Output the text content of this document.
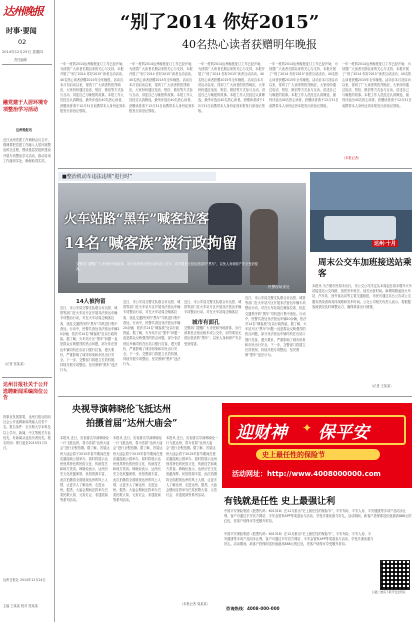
达州晚报
时事·要闻
02
2014年12月25日 星期四
责任编辑
融党建于人居环境专项整治学习活动
达州晚报讯
近日达州党建工作调研会议召开，强调要把党建工作融入人居环境整治的全过程，围绕基层党组织建设开展专项整治学习活动，推动各项工作落到实处，确保取得实效。
（记者 张某某）
达州日报社关于公开选聘新闻采编岗位公告
因事业发展需要，达州日报社面向社会公开选聘新闻采编人员若干名。报名条件：全日制大学本科及以上学历，新闻、中文等相关专业优先，有新闻从业经历者优先。报名时间：即日起至2015年1月5日。
达州日报社 2014年12月24日
主编 王某某 校对 张某某
“别了2014 你好2015”
40名热心读者获赠明年晚报
一年一度的2014达州晚报征订工作已经开始，为回馈广大读者长期以来的关心与支持，本报开展了“别了2014 你好2015”读者互动活动，40名热心读者获赠2015年全年晚报。活动自本月初启动以来，得到了广大读者的热烈响应，大家纷纷通过电话、短信、微信等方式参与互动，讲述自己与晚报的故事。本报工作人员经过认真筛选，最终评选出40名热心读者。获赠读者请于12月31日前携带本人身份证到本报发行部登记领取。
一年一度的2014达州晚报征订工作已经开始，为回馈广大读者长期以来的关心与支持，本报开展了“别了2014 你好2015”读者互动活动，40名热心读者获赠2015年全年晚报。活动自本月初启动以来，得到了广大读者的热烈响应，大家纷纷通过电话、短信、微信等方式参与互动，讲述自己与晚报的故事。本报工作人员经过认真筛选，最终评选出40名热心读者。获赠读者请于12月31日前携带本人身份证到本报发行部登记领取。
一年一度的2014达州晚报征订工作已经开始，为回馈广大读者长期以来的关心与支持，本报开展了“别了2014 你好2015”读者互动活动，40名热心读者获赠2015年全年晚报。活动自本月初启动以来，得到了广大读者的热烈响应，大家纷纷通过电话、短信、微信等方式参与互动，讲述自己与晚报的故事。本报工作人员经过认真筛选，最终评选出40名热心读者。获赠读者请于12月31日前携带本人身份证到本报发行部登记领取。
一年一度的2014达州晚报征订工作已经开始，为回馈广大读者长期以来的关心与支持，本报开展了“别了2014 你好2015”读者互动活动，40名热心读者获赠2015年全年晚报。活动自本月初启动以来，得到了广大读者的热烈响应，大家纷纷通过电话、短信、微信等方式参与互动，讲述自己与晚报的故事。本报工作人员经过认真筛选，最终评选出40名热心读者。获赠读者请于12月31日前携带本人身份证到本报发行部登记领取。
一年一度的2014达州晚报征订工作已经开始，为回馈广大读者长期以来的关心与支持，本报开展了“别了2014 你好2015”读者互动活动，40名热心读者获赠2015年全年晚报。活动自本月初启动以来，得到了广大读者的热烈响应，大家纷纷通过电话、短信、微信等方式参与互动，讲述自己与晚报的故事。本报工作人员经过认真筛选，最终评选出40名热心读者。获赠读者请于12月31日前携带本人身份证到本报发行部登记领取。
（本报记者）
■整治机动车违法违规“进行时”
火车站路“黑车”喊客拉客
14名“喊客族”被行政拘留
民警现场查处
交警部门提醒广大市民和外地游客，出行请乘坐正规出租车或公交车，切勿乘坐无营运资质的“黑车”，以免人身和财产安全受到侵害。
14人被拘留
近日，市公安局交警支队联合市运管、城管等部门在火车站片区开展非法营运车辆专项整治行动，对在火车站周边喊客拉客、扰乱交通秩序的“黑车”司机进行集中查处。行动中，民警共查处非法营运车辆20余辆，依法对14名“喊客族”处以行政拘留。据了解，火车站片区“黑车”问题一直是群众反映强烈的热点问题，部分非法营运车辆司机在出站口强行拉客，漫天要价，严重影响了城市形象和市民出行安全。下一步，交警部门将建立长效机制，持续开展专项整治，坚决遏制“黑车”违法行为。
近日，市公安局交警支队联合市运管、城管等部门在火车站片区开展非法营运车辆专项整治行动，对在火车站周边喊客拉客、扰乱交通秩序的“黑车”司机进行集中查处。行动中，民警共查处非法营运车辆20余辆，依法对14名“喊客族”处以行政拘留。据了解，火车站片区“黑车”问题一直是群众反映强烈的热点问题，部分非法营运车辆司机在出站口强行拉客，漫天要价，严重影响了城市形象和市民出行安全。下一步，交警部门将建立长效机制，持续开展专项整治，坚决遏制“黑车”违法行为。
城市有面孔
近日，市公安局交警支队联合市运管、城管等部门在火车站片区开展非法营运车辆专项整治行动，对在火车站周边喊客拉
交警部门提醒广大市民和外地游客，出行请乘坐正规出租车或公交车，切勿乘坐无营运资质的“黑车”，以免人身和财产安全受到侵害。
近日，市公安局交警支队联合市运管、城管等部门在火车站片区开展非法营运车辆专项整治行动，对在火车站周边喊客拉客、扰乱交通秩序的“黑车”司机进行集中查处。行动中，民警共查处非法营运车辆20余辆，依法对14名“喊客族”处以行政拘留。据了解，火车站片区“黑车”问题一直是群众反映强烈的热点问题，部分非法营运车辆司机在出站口强行拉客，漫天要价，严重影响了城市形象和市民出行安全。下一步，交警部门将建立长效机制，持续开展专项整治，坚决遏制“黑车”违法行为。
达州·十月
周末公交车加班接送站乘客
本报讯 为方便市民周末出行，市公交公司决定从本周起在周末增开火车站接送站公交线路，加密发车班次，延长运营时间。新增线路途经火车站、汽车站、西外客运站等主要交通枢纽，市民可通过站台公告或公交服务热线查询具体线路和发车时间。公交公司相关负责人表示，将根据客流情况及时调整运力，确保乘客出行便捷。
（记者 王某某）
央视导演韩晓伦飞抵达州
拍摄首届“达州大庙会”
本报讯 近日，央视著名导演韩晓伦一行飞抵达州，将为首届“达州大庙会”进行全程拍摄。据了解，首届达州大庙会将于2015年春节期间在莲花湖湿地公园举办，届时将展示达州独具特色的民俗文化、传统技艺和地方美食。韩晓伦表示，达州历史文化底蕴深厚，民俗资源丰富，此次拍摄将全面展现达州的风土人情，让更多人了解达州、走进达州。据悉，大庙会期间还将举办巴渠民歌大赛、元宵灯会、非遗展演等系列活动。
本报讯 近日，央视著名导演韩晓伦一行飞抵达州，将为首届“达州大庙会”进行全程拍摄。据了解，首届达州大庙会将于2015年春节期间在莲花湖湿地公园举办，届时将展示达州独具特色的民俗文化、传统技艺和地方美食。韩晓伦表示，达州历史文化底蕴深厚，民俗资源丰富，此次拍摄将全面展现达州的风土人情，让更多人了解达州、走进达州。据悉，大庙会期间还将举办巴渠民歌大赛、元宵灯会、非遗展演等系列活动。
本报讯 近日，央视著名导演韩晓伦一行飞抵达州，将为首届“达州大庙会”进行全程拍摄。据了解，首届达州大庙会将于2015年春节期间在莲花湖湿地公园举办，届时将展示达州独具特色的民俗文化、传统技艺和地方美食。韩晓伦表示，达州历史文化底蕴深厚，民俗资源丰富，此次拍摄将全面展现达州的风土人情，让更多人了解达州、走进达州。据悉，大庙会期间还将举办巴渠民歌大赛、元宵灯会、非遗展演等系列活动。
（本报记者 周某某）
迎财神 ✦ 保平安
史上最任性的保险节
活动网址：http://www.4008000000.com
有钱就是任性 史上最强让利
中国平安保险集团（股票代码：601318）在12月推出“史上最任性的保险节”，平安车险、平安人寿、平安健康等多项产品同步让利，客户可通过平安官方网站、平安金管家APP等渠道参与活动，享受多重优惠与好礼。活动期间，新客户投保即送价值最高888元的红包，老客户续保可享受额外折扣。
中国平安保险集团（股票代码：601318）在12月推出“史上最任性的保险节”，平安车险、平安人寿、平安健康等多项产品同步让利，客户可通过平安官方网站、平安金管家APP等渠道参与活动，享受多重优惠与好礼。活动期间，新客户投保即送价值最高888元的红包，老客户续保可享受额外折扣。
扫描二维码下载平安金管家
咨询热线：4008-000-000
